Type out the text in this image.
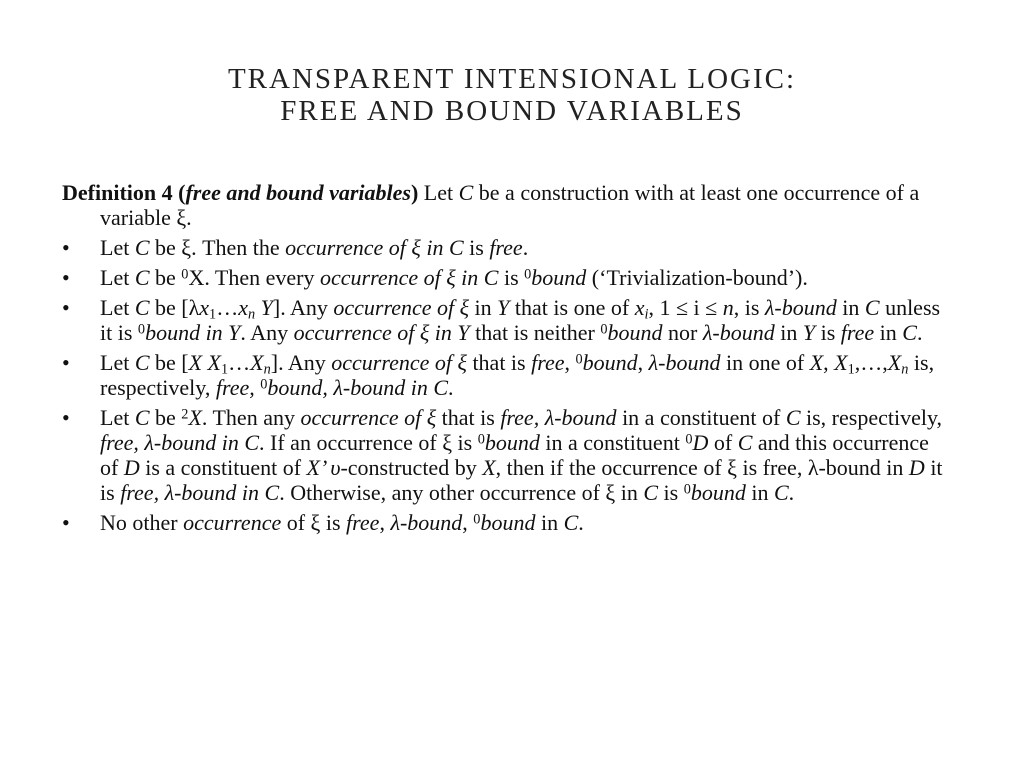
TRANSPARENT INTENSIONAL LOGIC:
FREE AND BOUND VARIABLES

Definition 4 (free and bound variables) Let C be a construction with at least one occurrence of a variable ξ.

• Let C be ξ. Then the occurrence of ξ in C is free.
• Let C be $^0$X. Then every occurrence of ξ in C is $^0$bound (‘Trivialization-bound’).
• Let C be [$\lambda x_1\dots x_n$ Y]. Any occurrence of ξ in Y that is one of $x_i$, 1 ≤ i ≤ n, is λ-bound in C unless it is $^0$bound in Y. Any occurrence of ξ in Y that is neither $^0$bound nor λ-bound in Y is free in C.
• Let C be [X $X_1\dots X_n$]. Any occurrence of ξ that is free, $^0$bound, λ-bound in one of X, $X_1,\dots,X_n$ is, respectively, free, $^0$bound, λ-bound in C.
• Let C be $^2$X. Then any occurrence of ξ that is free, λ-bound in a constituent of C is, respectively, free, λ-bound in C. If an occurrence of ξ is $^0$bound in a constituent $^0$D of C and this occurrence of D is a constituent of X’ υ-constructed by X, then if the occurrence of ξ is free, λ-bound in D it is free, λ-bound in C. Otherwise, any other occurrence of ξ in C is $^0$bound in C.
• No other occurrence of ξ is free, λ-bound, $^0$bound in C.
